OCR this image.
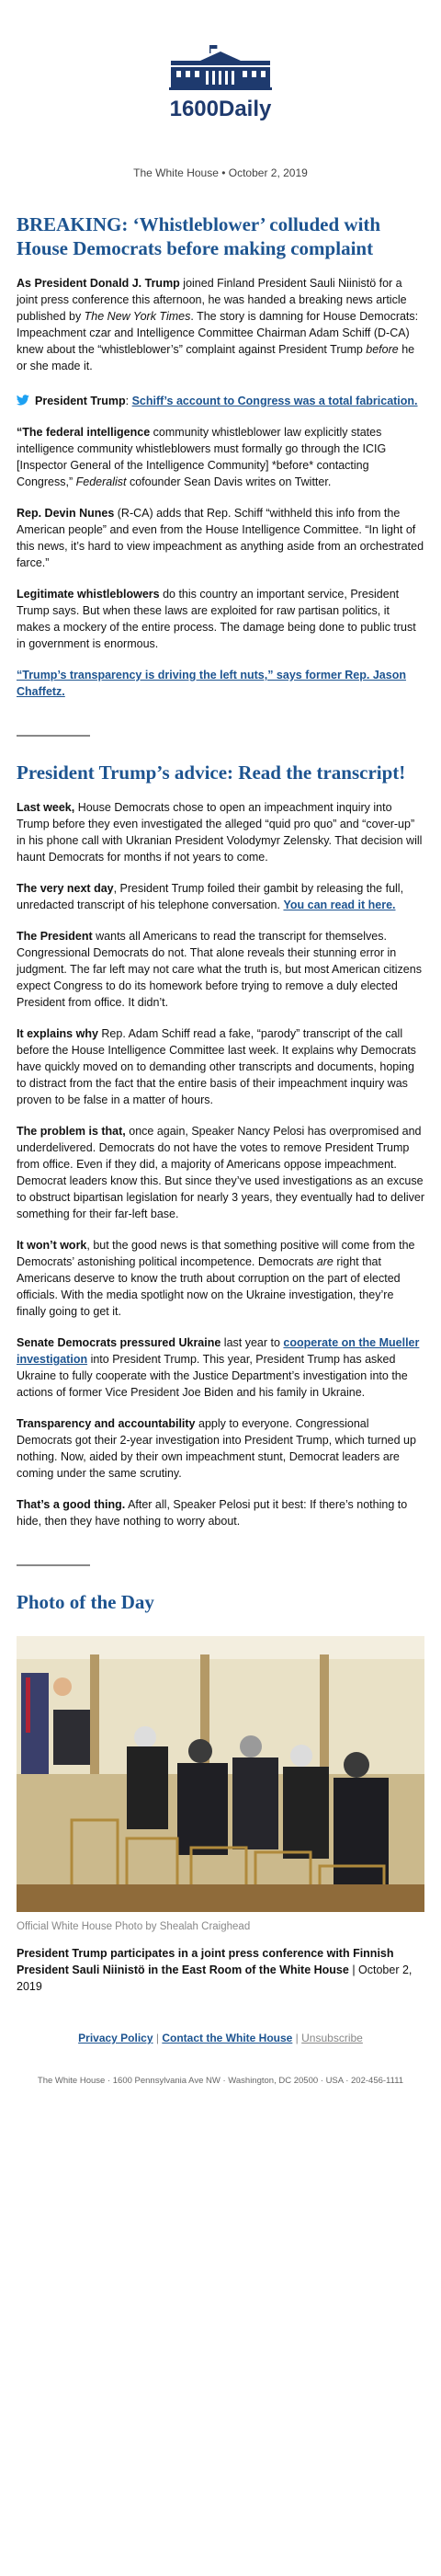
1600Daily
The White House • October 2, 2019
BREAKING: ‘Whistleblower’ colluded with House Democrats before making complaint

As President Donald J. Trump joined Finland President Sauli Niinistö for a joint press conference this afternoon, he was handed a breaking news article published by The New York Times. The story is damning for House Democrats: Impeachment czar and Intelligence Committee Chairman Adam Schiff (D-CA) knew about the “whistleblower’s” complaint against President Trump before he or she made it.

President Trump: Schiff’s account to Congress was a total fabrication.

“The federal intelligence community whistleblower law explicitly states intelligence community whistleblowers must formally go through the ICIG [Inspector General of the Intelligence Community] *before* contacting Congress,” Federalist cofounder Sean Davis writes on Twitter.

Rep. Devin Nunes (R-CA) adds that Rep. Schiff “withheld this info from the American people” and even from the House Intelligence Committee. “In light of this news, it’s hard to view impeachment as anything aside from an orchestrated farce.”

Legitimate whistleblowers do this country an important service, President Trump says. But when these laws are exploited for raw partisan politics, it makes a mockery of the entire process. The damage being done to public trust in government is enormous.

“Trump’s transparency is driving the left nuts,” says former Rep. Jason Chaffetz.

President Trump’s advice: Read the transcript!

Last week, House Democrats chose to open an impeachment inquiry into Trump before they even investigated the alleged “quid pro quo” and “cover-up” in his phone call with Ukranian President Volodymyr Zelensky. That decision will haunt Democrats for months if not years to come.

The very next day, President Trump foiled their gambit by releasing the full, unredacted transcript of his telephone conversation. You can read it here.

The President wants all Americans to read the transcript for themselves. Congressional Democrats do not. That alone reveals their stunning error in judgment. The far left may not care what the truth is, but most American citizens expect Congress to do its homework before trying to remove a duly elected President from office. It didn’t.

It explains why Rep. Adam Schiff read a fake, “parody” transcript of the call before the House Intelligence Committee last week. It explains why Democrats have quickly moved on to demanding other transcripts and documents, hoping to distract from the fact that the entire basis of their impeachment inquiry was proven to be false in a matter of hours.

The problem is that, once again, Speaker Nancy Pelosi has overpromised and underdelivered. Democrats do not have the votes to remove President Trump from office. Even if they did, a majority of Americans oppose impeachment. Democrat leaders know this. But since they’ve used investigations as an excuse to obstruct bipartisan legislation for nearly 3 years, they eventually had to deliver something for their far-left base.

It won’t work, but the good news is that something positive will come from the Democrats’ astonishing political incompetence. Democrats are right that Americans deserve to know the truth about corruption on the part of elected officials. With the media spotlight now on the Ukraine investigation, they’re finally going to get it.

Senate Democrats pressured Ukraine last year to cooperate on the Mueller investigation into President Trump. This year, President Trump has asked Ukraine to fully cooperate with the Justice Department’s investigation into the actions of former Vice President Joe Biden and his family in Ukraine.

Transparency and accountability apply to everyone. Congressional Democrats got their 2-year investigation into President Trump, which turned up nothing. Now, aided by their own impeachment stunt, Democrat leaders are coming under the same scrutiny.

That’s a good thing. After all, Speaker Pelosi put it best: If there’s nothing to hide, then they have nothing to worry about.

Photo of the Day
Official White House Photo by Shealah Craighead

President Trump participates in a joint press conference with Finnish President Sauli Niinistö in the East Room of the White House | October 2, 2019

Privacy Policy | Contact the White House | Unsubscribe
The White House · 1600 Pennsylvania Ave NW · Washington, DC 20500 · USA · 202-456-1111
